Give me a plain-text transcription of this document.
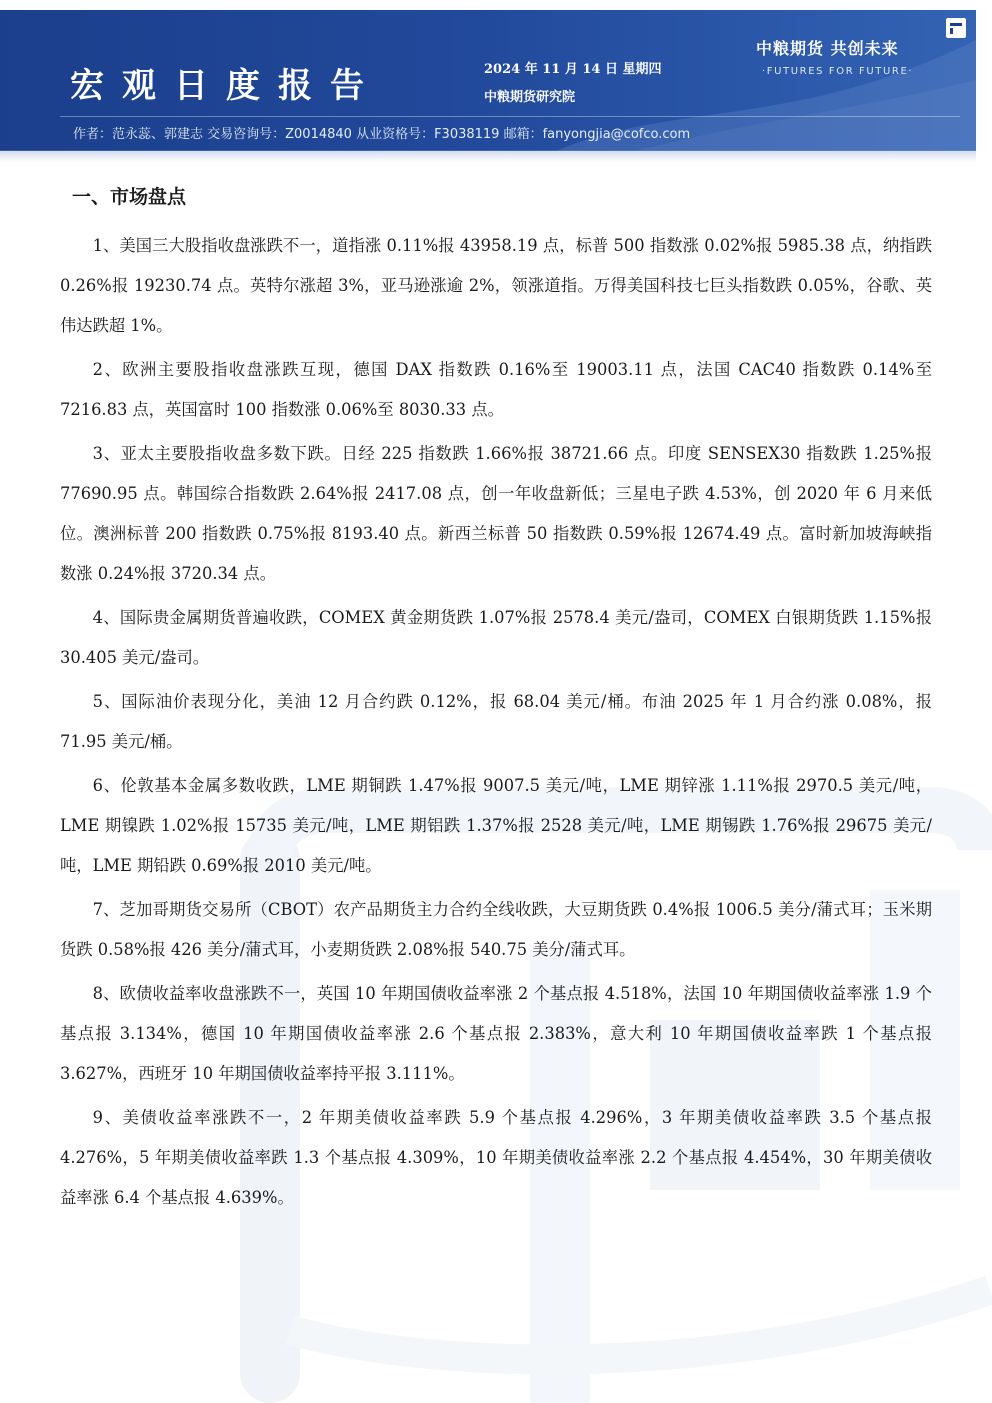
宏观日度报告	2024 年 11 月 14 日 星期四
中粮期货研究院
中粮期货 共创未来
·FUTURES FOR FUTURE·
作者：范永蕊、郭建志 交易咨询号：Z0014840 从业资格号：F3038119 邮箱：fanyongjia@cofco.com
一、市场盘点

1、美国三大股指收盘涨跌不一，道指涨 0.11%报 43958.19 点，标普 500 指数涨 0.02%报 5985.38 点，纳指跌 0.26%报 19230.74 点。英特尔涨超 3%，亚马逊涨逾 2%，领涨道指。万得美国科技七巨头指数跌 0.05%，谷歌、英伟达跌超 1%。

2、欧洲主要股指收盘涨跌互现，德国 DAX 指数跌 0.16%至 19003.11 点，法国 CAC40 指数跌 0.14%至 7216.83 点，英国富时 100 指数涨 0.06%至 8030.33 点。

3、亚太主要股指收盘多数下跌。日经 225 指数跌 1.66%报 38721.66 点。印度 SENSEX30 指数跌 1.25%报 77690.95 点。韩国综合指数跌 2.64%报 2417.08 点，创一年收盘新低；三星电子跌 4.53%，创 2020 年 6 月来低位。澳洲标普 200 指数跌 0.75%报 8193.40 点。新西兰标普 50 指数跌 0.59%报 12674.49 点。富时新加坡海峡指数涨 0.24%报 3720.34 点。

4、国际贵金属期货普遍收跌，COMEX 黄金期货跌 1.07%报 2578.4 美元/盎司，COMEX 白银期货跌 1.15%报 30.405 美元/盎司。

5、国际油价表现分化，美油 12 月合约跌 0.12%，报 68.04 美元/桶。布油 2025 年 1 月合约涨 0.08%，报 71.95 美元/桶。

6、伦敦基本金属多数收跌，LME 期铜跌 1.47%报 9007.5 美元/吨，LME 期锌涨 1.11%报 2970.5 美元/吨，LME 期镍跌 1.02%报 15735 美元/吨，LME 期铝跌 1.37%报 2528 美元/吨，LME 期锡跌 1.76%报 29675 美元/吨，LME 期铅跌 0.69%报 2010 美元/吨。

7、芝加哥期货交易所（CBOT）农产品期货主力合约全线收跌，大豆期货跌 0.4%报 1006.5 美分/蒲式耳；玉米期货跌 0.58%报 426 美分/蒲式耳，小麦期货跌 2.08%报 540.75 美分/蒲式耳。

8、欧债收益率收盘涨跌不一，英国 10 年期国债收益率涨 2 个基点报 4.518%，法国 10 年期国债收益率涨 1.9 个基点报 3.134%，德国 10 年期国债收益率涨 2.6 个基点报 2.383%，意大利 10 年期国债收益率跌 1 个基点报 3.627%，西班牙 10 年期国债收益率持平报 3.111%。

9、美债收益率涨跌不一，2 年期美债收益率跌 5.9 个基点报 4.296%，3 年期美债收益率跌 3.5 个基点报 4.276%，5 年期美债收益率跌 1.3 个基点报 4.309%，10 年期美债收益率涨 2.2 个基点报 4.454%，30 年期美债收益率涨 6.4 个基点报 4.639%。
